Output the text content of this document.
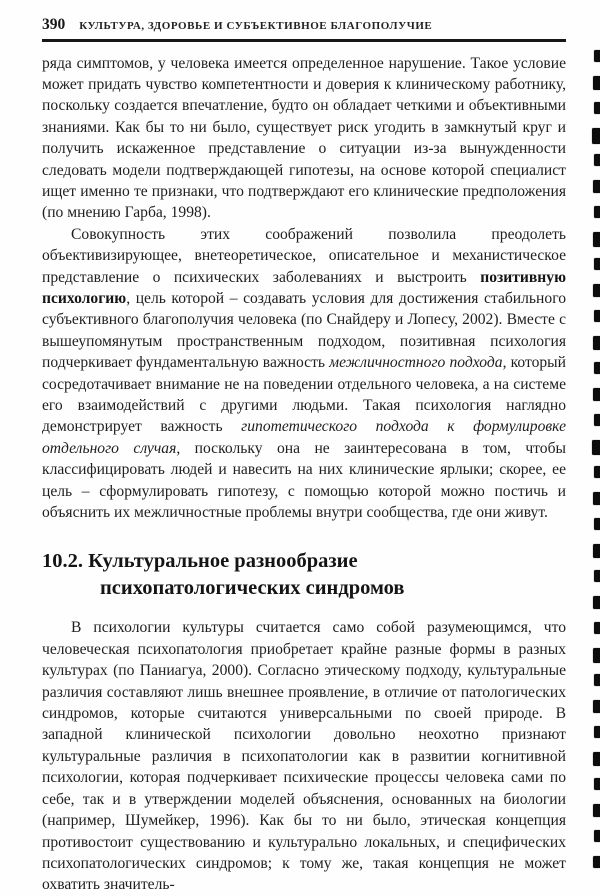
390 КУЛЬТУРА, ЗДОРОВЬЕ И СУБЪЕКТИВНОЕ БЛАГОПОЛУЧИЕ

ряда симптомов, у человека имеется определенное нарушение. Такое условие может придать чувство компетентности и доверия к клиническому работнику, поскольку создается впечатление, будто он обладает четкими и объективными знаниями. Как бы то ни было, существует риск угодить в замкнутый круг и получить искаженное представление о ситуации из-за вынужденности следовать модели подтверждающей гипотезы, на основе которой специалист ищет именно те признаки, что подтверждают его клинические предположения (по мнению Гарба, 1998).

Совокупность этих соображений позволила преодолеть объективизирующее, внетеоретическое, описательное и механистическое представление о психических заболеваниях и выстроить позитивную психологию, цель которой – создавать условия для достижения стабильного субъективного благополучия человека (по Снайдеру и Лопесу, 2002). Вместе с вышеупомянутым пространственным подходом, позитивная психология подчеркивает фундаментальную важность межличностного подхода, который сосредотачивает внимание не на поведении отдельного человека, а на системе его взаимодействий с другими людьми. Такая психология наглядно демонстрирует важность гипотетического подхода к формулировке отдельного случая, поскольку она не заинтересована в том, чтобы классифицировать людей и навесить на них клинические ярлыки; скорее, ее цель – сформулировать гипотезу, с помощью которой можно постичь и объяснить их межличностные проблемы внутри сообщества, где они живут.

10.2. Культуральное разнообразие
психопатологических синдромов

В психологии культуры считается само собой разумеющимся, что человеческая психопатология приобретает крайне разные формы в разных культурах (по Паниагуа, 2000). Согласно этическому подходу, культуральные различия составляют лишь внешнее проявление, в отличие от патологических синдромов, которые считаются универсальными по своей природе. В западной клинической психологии довольно неохотно признают культуральные различия в психопатологии как в развитии когнитивной психологии, которая подчеркивает психические процессы человека сами по себе, так и в утверждении моделей объяснения, основанных на биологии (например, Шумейкер, 1996). Как бы то ни было, этическая концепция противостоит существованию и культурально локальных, и специфических психопатологических синдромов; к тому же, такая концепция не может охватить значитель-
